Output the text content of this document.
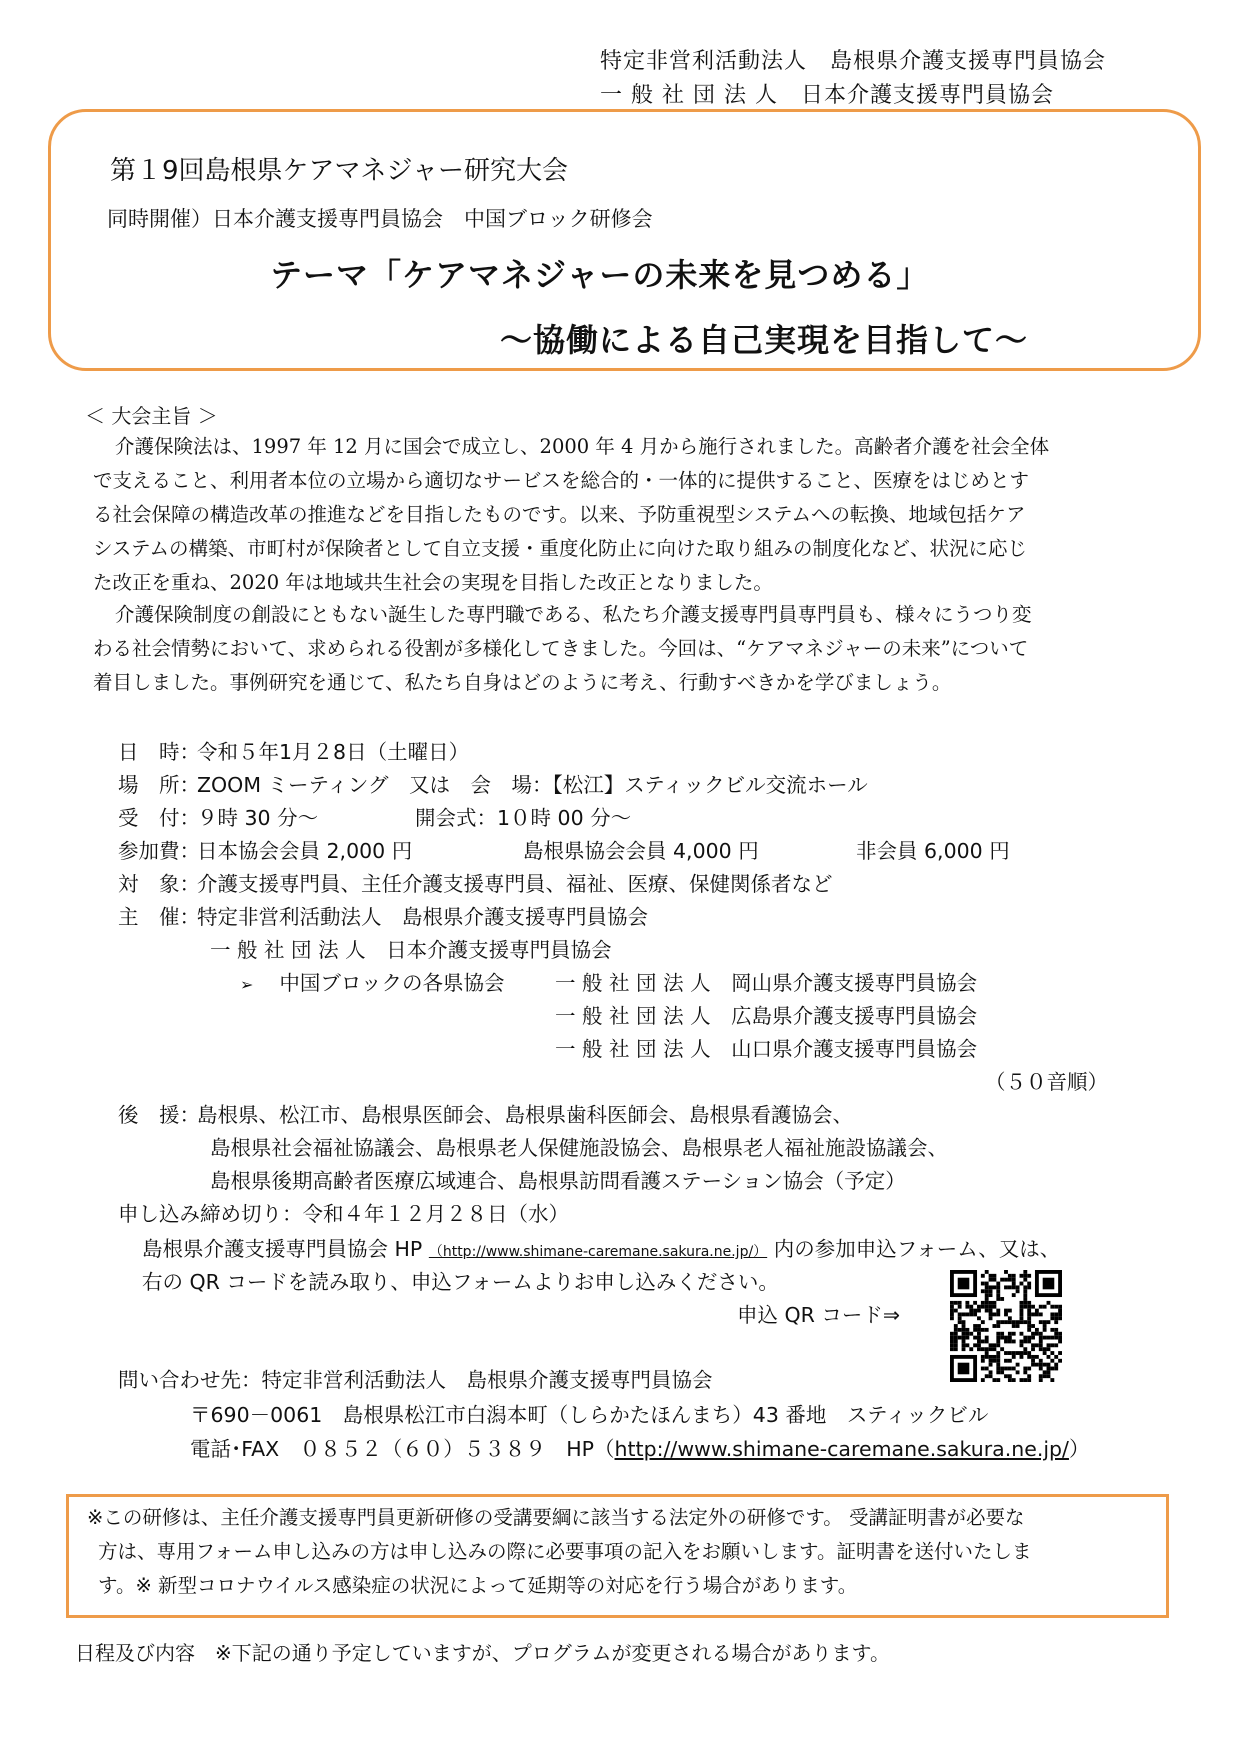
特定非営利活動法人　島根県介護支援専門員協会
一 般 社 団 法 人　日本介護支援専門員協会
第１9回島根県ケアマネジャー研究大会
同時開催）日本介護支援専門員協会　中国ブロック研修会
テーマ「ケアマネジャーの未来を見つめる」
～協働による自己実現を目指して～
＜ 大会主旨 ＞
介護保険法は、1997 年 12 月に国会で成立し、2000 年 4 月から施行されました。高齢者介護を社会全体
で支えること、利用者本位の立場から適切なサービスを総合的・一体的に提供すること、医療をはじめとす
る社会保障の構造改革の推進などを目指したものです。以来、予防重視型システムへの転換、地域包括ケア
システムの構築、市町村が保険者として自立支援・重度化防止に向けた取り組みの制度化など、状況に応じ
た改正を重ね、2020 年は地域共生社会の実現を目指した改正となりました。
介護保険制度の創設にともない誕生した専門職である、私たち介護支援専門員専門員も、様々にうつり変
わる社会情勢において、求められる役割が多様化してきました。今回は、“ケアマネジャーの未来”について
着目しました。事例研究を通じて、私たち自身はどのように考え、行動すべきかを学びましょう。
日　時：令和５年1月２8日（土曜日）
場　所：ZOOM ミーティング　又は　会　場：【松江】スティックビル交流ホール
受　付：９時 30 分～	開会式：1０時 00 分～
参加費：日本協会会員 2,000 円	島根県協会会員 4,000 円	非会員 6,000 円
対　象：介護支援専門員、主任介護支援専門員、福祉、医療、保健関係者など
主　催：特定非営利活動法人　島根県介護支援専門員協会
一 般 社 団 法 人　日本介護支援専門員協会
➢ 中国ブロックの各県協会 一 般 社 団 法 人　岡山県介護支援専門員協会
一 般 社 団 法 人　広島県介護支援専門員協会
一 般 社 団 法 人　山口県介護支援専門員協会
（５０音順）
後　援：島根県、松江市、島根県医師会、島根県歯科医師会、島根県看護協会、
島根県社会福祉協議会、島根県老人保健施設協会、島根県老人福祉施設協議会、
島根県後期高齢者医療広域連合、島根県訪問看護ステーション協会（予定）
申し込み締め切り：令和４年１２月２８日（水）
島根県介護支援専門員協会 HP （http://www.shimane-caremane.sakura.ne.jp/） 内の参加申込フォーム、又は、
右の QR コードを読み取り、申込フォームよりお申し込みください。
申込 QR コード⇒
問い合わせ先：特定非営利活動法人　島根県介護支援専門員協会
〒690－0061　島根県松江市白潟本町（しらかたほんまち）43 番地　スティックビル
電話･FAX　０８５２（６０）５３８９　HP（http://www.shimane-caremane.sakura.ne.jp/）
※この研修は、主任介護支援専門員更新研修の受講要綱に該当する法定外の研修です。 受講証明書が必要な
方は、専用フォーム申し込みの方は申し込みの際に必要事項の記入をお願いします。証明書を送付いたしま
す。※ 新型コロナウイルス感染症の状況によって延期等の対応を行う場合があります。
日程及び内容　※下記の通り予定していますが、プログラムが変更される場合があります。
